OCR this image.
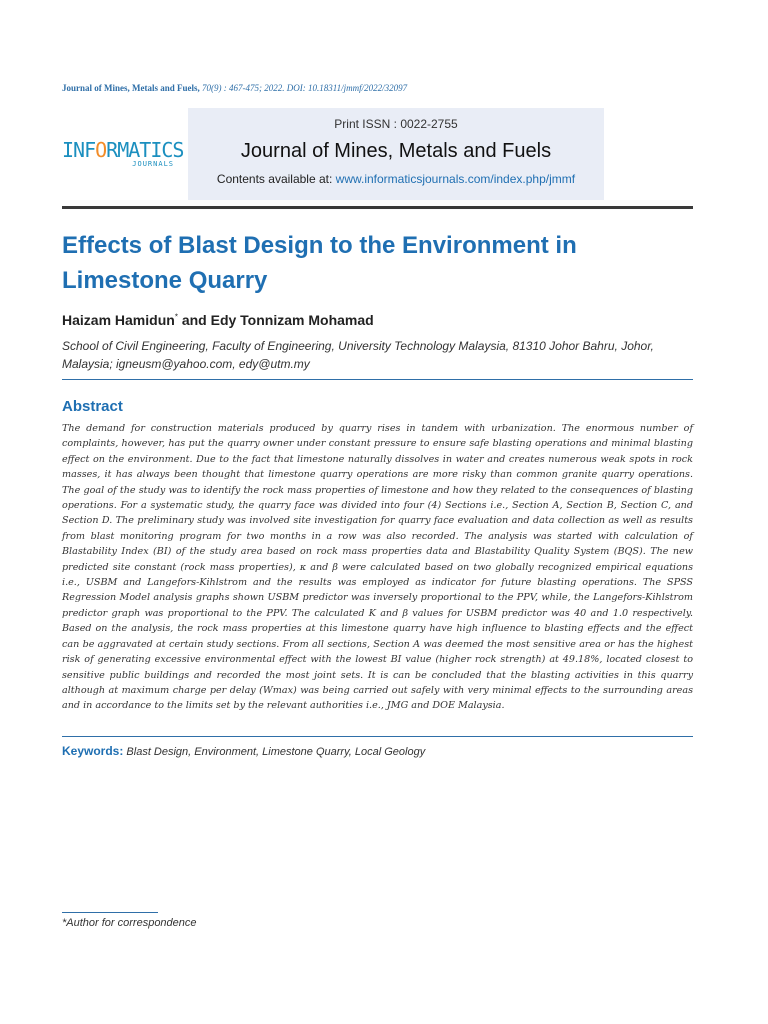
Journal of Mines, Metals and Fuels, 70(9) : 467-475; 2022. DOI: 10.18311/jmmf/2022/32097
INFORMATICS
JOURNALS
Print ISSN : 0022-2755
Journal of Mines, Metals and Fuels
Contents available at: www.informaticsjournals.com/index.php/jmmf
Effects of Blast Design to the Environment in Limestone Quarry
Haizam Hamidun* and Edy Tonnizam Mohamad
School of Civil Engineering, Faculty of Engineering, University Technology Malaysia, 81310 Johor Bahru, Johor, Malaysia; igneusm@yahoo.com, edy@utm.my
Abstract
The demand for construction materials produced by quarry rises in tandem with urbanization. The enormous number of complaints, however, has put the quarry owner under constant pressure to ensure safe blasting operations and minimal blasting effect on the environment. Due to the fact that limestone naturally dissolves in water and creates numerous weak spots in rock masses, it has always been thought that limestone quarry operations are more risky than common granite quarry operations. The goal of the study was to identify the rock mass properties of limestone and how they related to the consequences of blasting operations. For a systematic study, the quarry face was divided into four (4) Sections i.e., Section A, Section B, Section C, and Section D. The preliminary study was involved site investigation for quarry face evaluation and data collection as well as results from blast monitoring program for two months in a row was also recorded. The analysis was started with calculation of Blastability Index (BI) of the study area based on rock mass properties data and Blastability Quality System (BQS). The new predicted site constant (rock mass properties), κ and β were calculated based on two globally recognized empirical equations i.e., USBM and Langefors-Kihlstrom and the results was employed as indicator for future blasting operations. The SPSS Regression Model analysis graphs shown USBM predictor was inversely proportional to the PPV, while, the Langefors-Kihlstrom predictor graph was proportional to the PPV. The calculated K and β values for USBM predictor was 40 and 1.0 respectively. Based on the analysis, the rock mass properties at this limestone quarry have high influence to blasting effects and the effect can be aggravated at certain study sections. From all sections, Section A was deemed the most sensitive area or has the highest risk of generating excessive environmental effect with the lowest BI value (higher rock strength) at 49.18%, located closest to sensitive public buildings and recorded the most joint sets. It is can be concluded that the blasting activities in this quarry although at maximum charge per delay (Wmax) was being carried out safely with very minimal effects to the surrounding areas and in accordance to the limits set by the relevant authorities i.e., JMG and DOE Malaysia.
Keywords: Blast Design, Environment, Limestone Quarry, Local Geology
*Author for correspondence
